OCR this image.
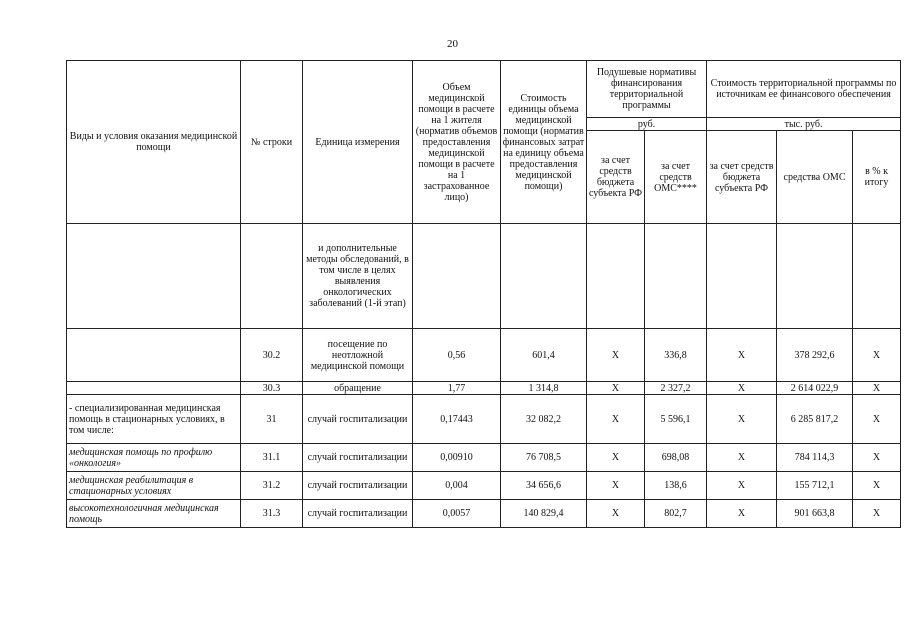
20
Виды и условия оказания медицинской помощи	№ строки	Единица измерения	Объем медицинской помощи в расчете на 1 жителя (норматив объемов предоставления медицинской помощи в расчете на 1 застрахованное лицо)	Стоимость единицы объема медицинской помощи (норматив финансовых затрат на единицу объема предоставления медицинской помощи)	Подушевые нормативы финансирования территориальной программы		Стоимость территориальной программы по источникам ее финансового обеспечения		
					руб.		тыс. руб.		
					за счет средств бюджета субъекта РФ	за счет средств ОМС****	за счет средств бюджета субъекта РФ	средства ОМС	в % к итогу
		и дополнительные методы обследований, в том числе в целях выявления онкологических заболеваний (1-й этап)							
	30.2	посещение по неотложной медицинской помощи	0,56	601,4	X	336,8	X	378 292,6	X
	30.3	обращение	1,77	1 314,8	X	2 327,2	X	2 614 022,9	X
- специализированная медицинская помощь в стационарных условиях, в том числе:	31	случай госпитализации	0,17443	32 082,2	X	5 596,1	X	6 285 817,2	X
медицинская помощь по профилю «онкология»	31.1	случай госпитализации	0,00910	76 708,5	X	698,08	X	784 114,3	X
медицинская реабилитация в стационарных условиях	31.2	случай госпитализации	0,004	34 656,6	X	138,6	X	155 712,1	X
высокотехнологичная медицинская помощь	31.3	случай госпитализации	0,0057	140 829,4	X	802,7	X	901 663,8	X
